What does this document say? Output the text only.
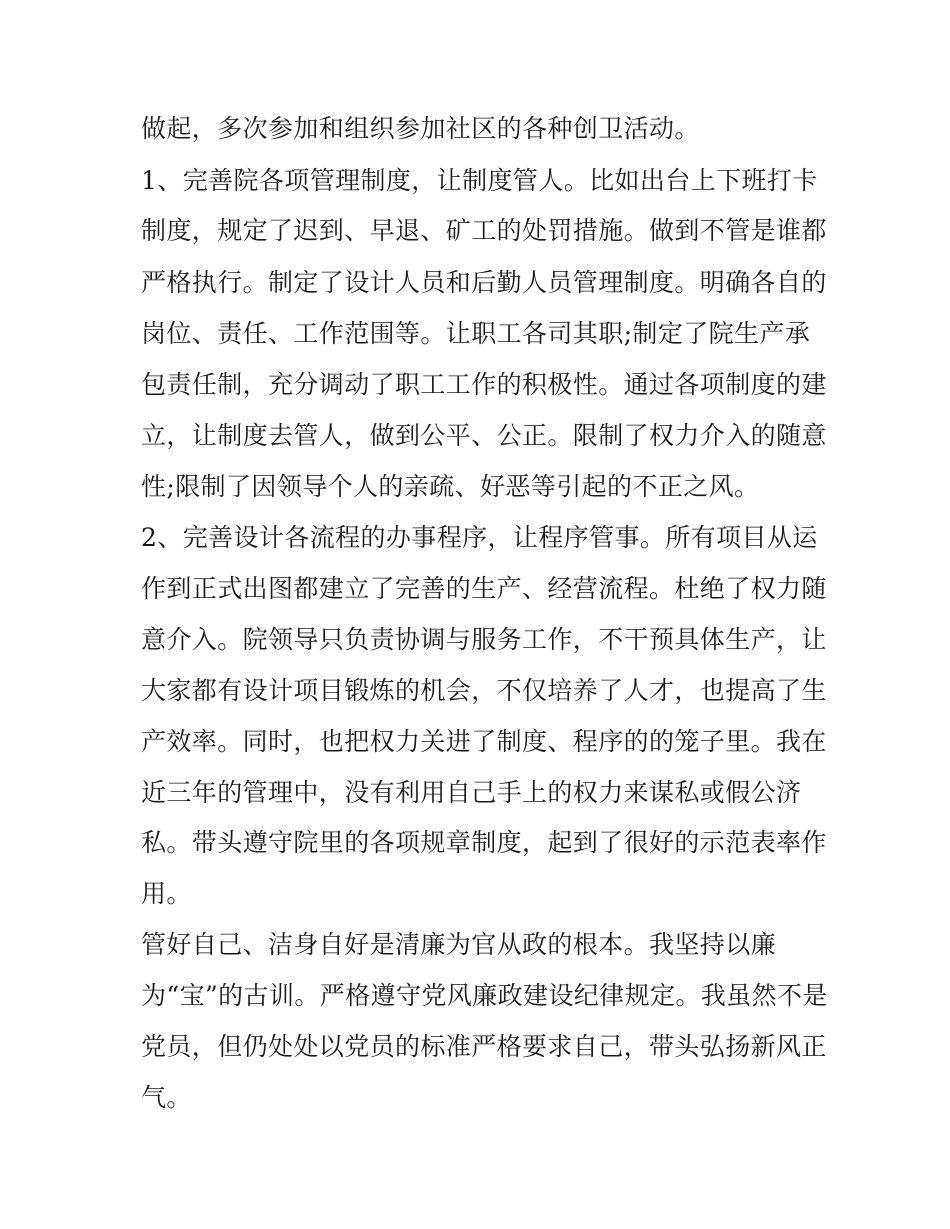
做起，多次参加和组织参加社区的各种创卫活动。
1、完善院各项管理制度，让制度管人。比如出台上下班打卡
制度，规定了迟到、早退、矿工的处罚措施。做到不管是谁都
严格执行。制定了设计人员和后勤人员管理制度。明确各自的
岗位、责任、工作范围等。让职工各司其职;制定了院生产承
包责任制，充分调动了职工工作的积极性。通过各项制度的建
立，让制度去管人，做到公平、公正。限制了权力介入的随意
性;限制了因领导个人的亲疏、好恶等引起的不正之风。
2、完善设计各流程的办事程序，让程序管事。所有项目从运
作到正式出图都建立了完善的生产、经营流程。杜绝了权力随
意介入。院领导只负责协调与服务工作，不干预具体生产，让
大家都有设计项目锻炼的机会，不仅培养了人才，也提高了生
产效率。同时，也把权力关进了制度、程序的的笼子里。我在
近三年的管理中，没有利用自己手上的权力来谋私或假公济
私。带头遵守院里的各项规章制度，起到了很好的示范表率作
用。
管好自己、洁身自好是清廉为官从政的根本。我坚持以廉
为“宝”的古训。严格遵守党风廉政建设纪律规定。我虽然不是
党员，但仍处处以党员的标准严格要求自己，带头弘扬新风正
气。
